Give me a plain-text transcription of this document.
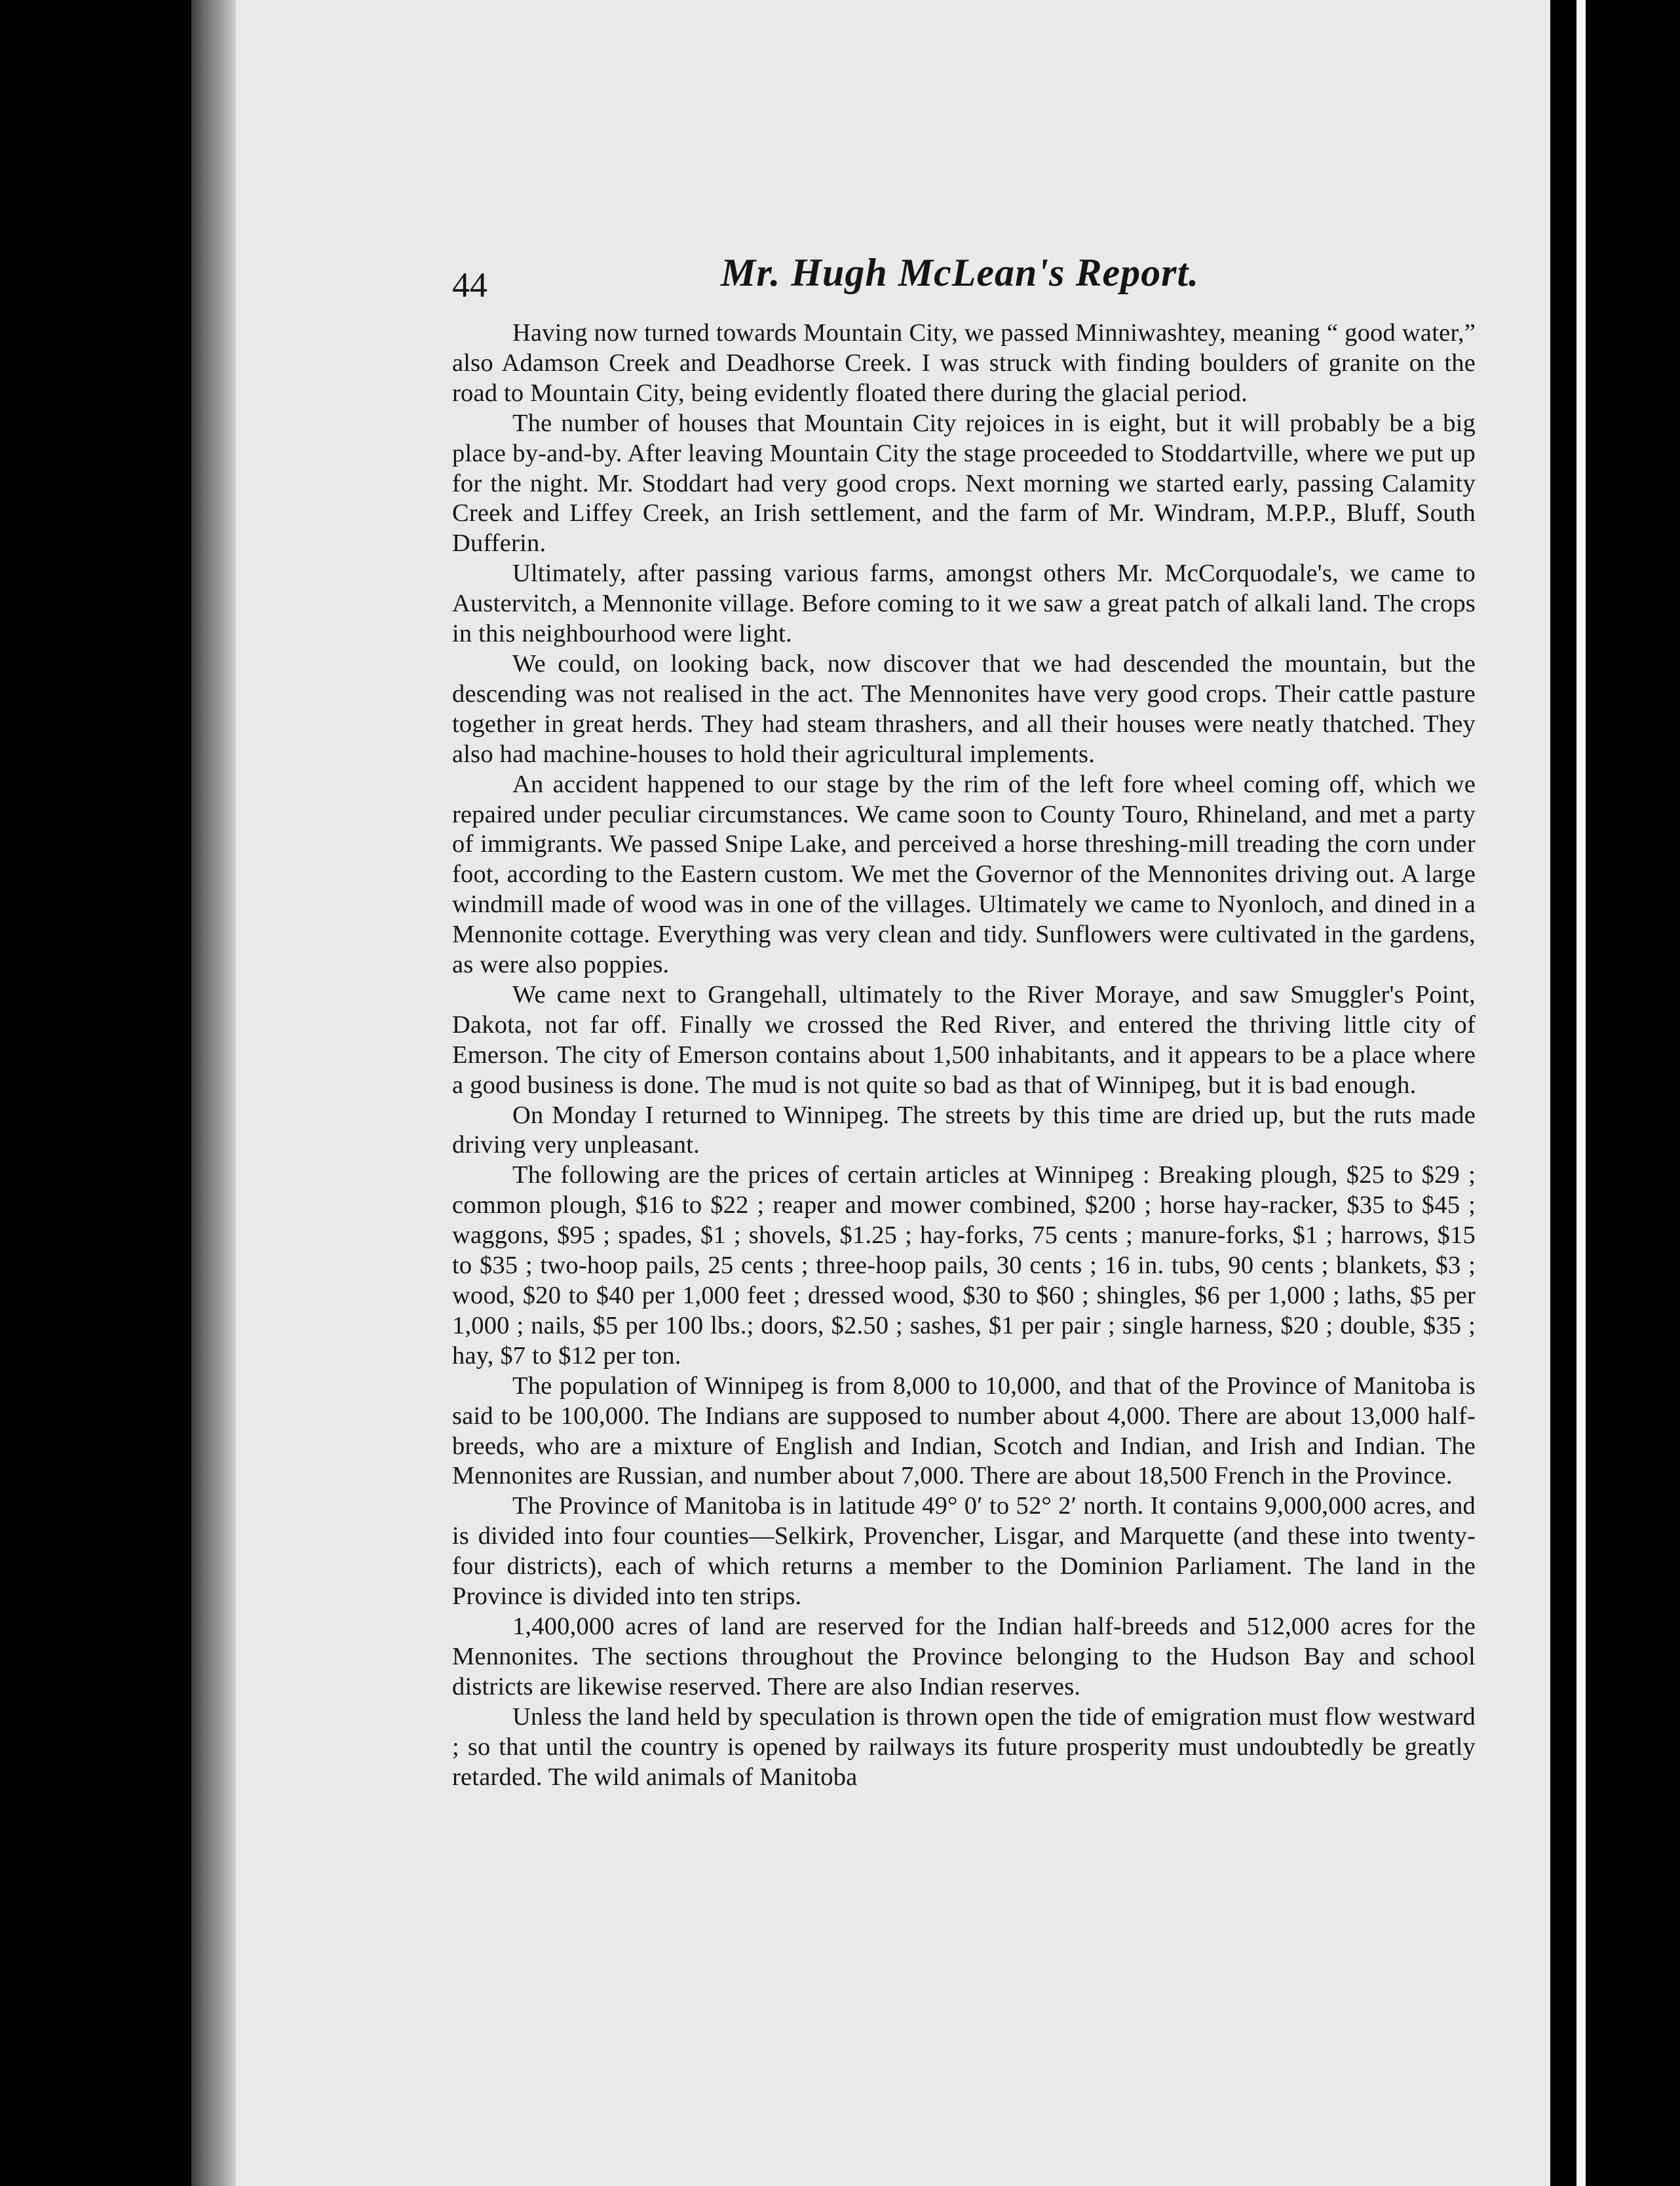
44	Mr. Hugh McLean's Report.

Having now turned towards Mountain City, we passed Minniwashtey, meaning “ good water,” also Adamson Creek and Deadhorse Creek. I was struck with finding boulders of granite on the road to Mountain City, being evidently floated there during the glacial period.

The number of houses that Mountain City rejoices in is eight, but it will probably be a big place by-and-by. After leaving Mountain City the stage proceeded to Stoddartville, where we put up for the night. Mr. Stoddart had very good crops. Next morning we started early, passing Calamity Creek and Liffey Creek, an Irish settlement, and the farm of Mr. Windram, M.P.P., Bluff, South Dufferin.

Ultimately, after passing various farms, amongst others Mr. McCorquodale's, we came to Austervitch, a Mennonite village. Before coming to it we saw a great patch of alkali land. The crops in this neighbourhood were light.

We could, on looking back, now discover that we had descended the mountain, but the descending was not realised in the act. The Mennonites have very good crops. Their cattle pasture together in great herds. They had steam thrashers, and all their houses were neatly thatched. They also had machine-houses to hold their agricultural implements.

An accident happened to our stage by the rim of the left fore wheel coming off, which we repaired under peculiar circumstances. We came soon to County Touro, Rhineland, and met a party of immigrants. We passed Snipe Lake, and perceived a horse threshing-mill treading the corn under foot, according to the Eastern custom. We met the Governor of the Mennonites driving out. A large windmill made of wood was in one of the villages. Ultimately we came to Nyonloch, and dined in a Mennonite cottage. Everything was very clean and tidy. Sunflowers were cultivated in the gardens, as were also poppies.

We came next to Grangehall, ultimately to the River Moraye, and saw Smuggler's Point, Dakota, not far off. Finally we crossed the Red River, and entered the thriving little city of Emerson. The city of Emerson contains about 1,500 inhabitants, and it appears to be a place where a good business is done. The mud is not quite so bad as that of Winnipeg, but it is bad enough.

On Monday I returned to Winnipeg. The streets by this time are dried up, but the ruts made driving very unpleasant.

The following are the prices of certain articles at Winnipeg : Breaking plough, $25 to $29 ; common plough, $16 to $22 ; reaper and mower combined, $200 ; horse hay-racker, $35 to $45 ; waggons, $95 ; spades, $1 ; shovels, $1.25 ; hay-forks, 75 cents ; manure-forks, $1 ; harrows, $15 to $35 ; two-hoop pails, 25 cents ; three-hoop pails, 30 cents ; 16 in. tubs, 90 cents ; blankets, $3 ; wood, $20 to $40 per 1,000 feet ; dressed wood, $30 to $60 ; shingles, $6 per 1,000 ; laths, $5 per 1,000 ; nails, $5 per 100 lbs.; doors, $2.50 ; sashes, $1 per pair ; single harness, $20 ; double, $35 ; hay, $7 to $12 per ton.

The population of Winnipeg is from 8,000 to 10,000, and that of the Province of Manitoba is said to be 100,000. The Indians are supposed to number about 4,000. There are about 13,000 half-breeds, who are a mixture of English and Indian, Scotch and Indian, and Irish and Indian. The Mennonites are Russian, and number about 7,000. There are about 18,500 French in the Province.

The Province of Manitoba is in latitude 49° 0′ to 52° 2′ north. It contains 9,000,000 acres, and is divided into four counties—Selkirk, Provencher, Lisgar, and Marquette (and these into twenty-four districts), each of which returns a member to the Dominion Parliament. The land in the Province is divided into ten strips.

1,400,000 acres of land are reserved for the Indian half-breeds and 512,000 acres for the Mennonites. The sections throughout the Province belonging to the Hudson Bay and school districts are likewise reserved. There are also Indian reserves.

Unless the land held by speculation is thrown open the tide of emigration must flow westward ; so that until the country is opened by railways its future prosperity must undoubtedly be greatly retarded. The wild animals of Manitoba
